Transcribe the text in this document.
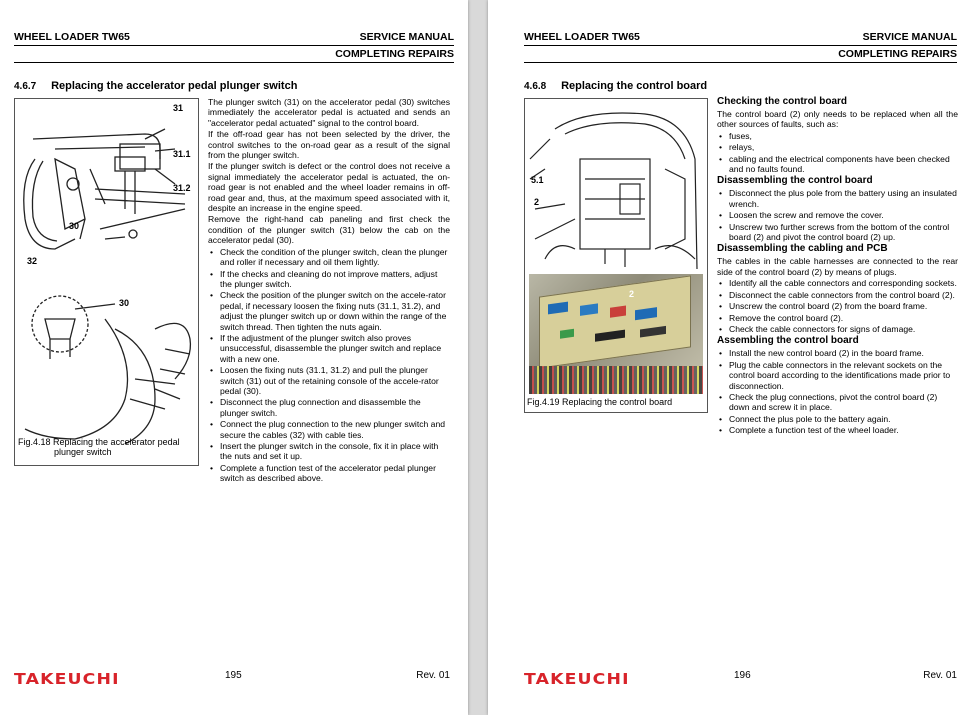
WHEEL LOADER TW65	SERVICE MANUAL
COMPLETING REPAIRS
4.6.7 Replacing the accelerator pedal plunger switch
31
31.1
31.2
30
32
30
Fig.4.18 Replacing the accelerator pedal
plunger switch

The plunger switch (31) on the accelerator pedal (30) switches immediately the accelerator pedal is actuated and sends an "accelerator pedal actuated" signal to the control board.

If the off-road gear has not been selected by the driver, the control switches to the on-road gear as a result of the signal from the plunger switch.

If the plunger switch is defect or the control does not receive a signal immediately the accelerator pedal is actuated, the on-road gear is not enabled and the wheel loader remains in off-road gear and, thus, at the maximum speed associated with it, despite an increase in the engine speed.

Remove the right-hand cab paneling and first check the condition of the plunger switch (31) below the cab on the accelerator pedal (30).

• Check the condition of the plunger switch, clean the plunger and roller if necessary and oil them lightly.
• If the checks and cleaning do not improve matters, adjust the plunger switch.
• Check the position of the plunger switch on the accele-rator pedal, if necessary loosen the fixing nuts (31.1, 31.2), and adjust the plunger switch up or down within the range of the switch thread. Then tighten the nuts again.
• If the adjustment of the plunger switch also proves unsuccessful, disassemble the plunger switch and replace with a new one.
• Loosen the fixing nuts (31.1, 31.2) and pull the plunger switch (31) out of the retaining console of the accele-rator pedal (30).
• Disconnect the plug connection and disassemble the plunger switch.
• Connect the plug connection to the new plunger switch and secure the cables (32) with cable ties.
• Insert the plunger switch in the console, fix it in place with the nuts and set it up.
• Complete a function test of the accelerator pedal plunger switch as described above.
TAKEUCHI	195	Rev. 01
WHEEL LOADER TW65	SERVICE MANUAL
COMPLETING REPAIRS
4.6.8 Replacing the control board
5.1
2
2
Fig.4.19 Replacing the control board
Checking the control board

The control board (2) only needs to be replaced when all the other sources of faults, such as:

• fuses,
• relays,
• cabling and the electrical components have been checked and no faults found.
Disassembling the control board
• Disconnect the plus pole from the battery using an insulated wrench.
• Loosen the screw and remove the cover.
• Unscrew two further screws from the bottom of the control board (2) and pivot the control board (2) up.
Disassembling the cabling and PCB

The cables in the cable harnesses are connected to the rear side of the control board (2) by means of plugs.

• Identify all the cable connectors and corresponding sockets.
• Disconnect the cable connectors from the control board (2).
• Unscrew the control board (2) from the board frame.
• Remove the control board (2).
• Check the cable connectors for signs of damage.
Assembling the control board
• Install the new control board (2) in the board frame.
• Plug the cable connectors in the relevant sockets on the control board according to the identifications made prior to disconnection.
• Check the plug connections, pivot the control board (2) down and screw it in place.
• Connect the plus pole to the battery again.
• Complete a function test of the wheel loader.
TAKEUCHI	196	Rev. 01
